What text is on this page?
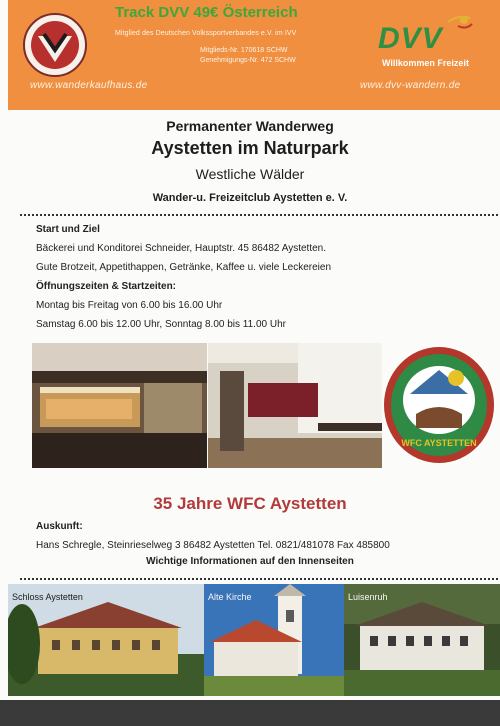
Track DVV 49€ Österreich
Mitglied des Deutschen Volkssportverbandes e.V. im IVV
Mitglieds-Nr. 170618 SCHW
Genehmigungs-Nr. 472 SCHW
www.wanderkaufhaus.de	www.dvv-wandern.de
DVV
Willkommen Freizeit
Permanenter Wanderweg
Aystetten im Naturpark
Westliche Wälder
Wander-u. Freizeitclub Aystetten e. V.
Start und Ziel
Bäckerei und Konditorei Schneider, Hauptstr. 45 86482 Aystetten.
Gute Brotzeit, Appetithappen, Getränke, Kaffee u. viele Leckereien
Öffnungszeiten & Startzeiten:
Montag bis Freitag von 6.00 bis 16.00 Uhr
Samstag 6.00 bis 12.00 Uhr, Sonntag 8.00 bis 11.00 Uhr
WFC AYSTETTEN
35 Jahre WFC Aystetten
Auskunft:
Hans Schregle, Steinrieselweg 3 86482 Aystetten Tel. 0821/481078 Fax 485800
Wichtige Informationen auf den Innenseiten
Schloss Aystetten	Alte Kirche	Luisenruh
